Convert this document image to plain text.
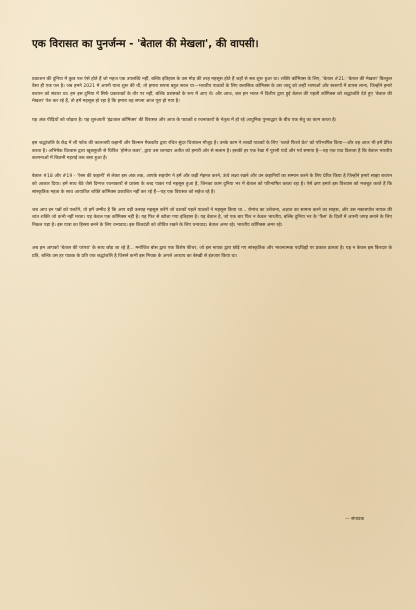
एक विरासत का पुनर्जन्म - 'बेताल की मेखला', की वापसी।

प्रकाशन की दुनिया में कुछ पल ऐसे होते हैं जो महज एक उपलब्धि नहीं, बल्कि इतिहास के उस मोड़ की तरह महसूस होते हैं जहाँ से सब शुरू हुआ था। शक्ति कॉमिक्स के लिए, 'बेताल #21: 'बेताल की मेखला' बिल्कुल वैसा ही एक पल है। जब हमने 2021 में अपनी यात्रा शुरू की थी, तो हमारा सपना बहुत सरल था—भारतीय पाठकों के लिए क्लासिक कॉमिक्स के उस जादू को उन्हीं भाषाओं और स्वरूपों में वापस लाना, जिन्होंने हमारे बचपन को संवारा था। हम इस दुनिया में सिर्फ प्रकाशकों के तौर पर नहीं, बल्कि प्रशंसकों के रूप में आए थे। और आज, जब हम भारत में दिलीप द्वारा हुई बेताल की पहली कॉमिक्स को श्रद्धांजलि देते हुए 'बेताल की मेखला' पेश कर रहे हैं, तो हमें महसूस हो रहा है कि हमारा वह सपना आज पूरा हो गया है।

यह अंक पीढ़ियों को जोड़ता है। यह शुरुआती 'इंद्रजाल कॉमिक्स' की विरासत और आज के पाठकों व रचनाकारों के नेतृत्व में हो रहे आधुनिक पुनरुद्धार के बीच एक सेतु का काम करता है।

इस श्रद्धांजलि के केंद्र में ली फॉक की कालजयी कहानी और विल्सन मैककॉय द्वारा रचित सुंदर चित्रांकन मौजूद है। उनके काम ने लाखों पाठकों के लिए 'चलते फिरते प्रेत' को परिभाषित किया—और वह आज भी हमें प्रेरित करता है। अभिषेक विश्वास द्वारा खूबसूरती से चित्रित 'होमेज कवर', द्वारा उस शानदार अतीत को हमारी ओर से सलाम है। इसकी हर एक रेखा में पुरानी यादें और गर्व समाया है—यह एक याद दिलाता है कि बेताल भारतीय कल्पनाओं में कितनी गहराई तक बसा हुआ है।

बेताल #18 और #19 - 'रेस्स की कहानी' से लेकर इस अंक तक, आपके सहयोग ने हमें और कड़ी मेहनत करने, ऊंचे लक्ष्य रखने और उन कहानियों का सम्मान करने के लिए प्रेरित किया है जिन्होंने हमारे साझा बचपन को आकार दिया। हमें साथ बैठे जैसे दिग्गज रचनाकारों से प्रशंसा के शब्द पाकर गर्व महसूस हुआ है, जिनका काम दुनिया भर में बेताल को परिभाषित करता रहा है। ऐसे क्षण हमारे इस विश्वास को मजबूत करते हैं कि सांस्कृतिक महत्व के साथ आयातित शक्ति कॉमिक्स प्रकाशित नहीं कर रहे हैं—यह एक विरासत को सहेज रहे हैं।

जब आप इन पन्नों को पलटेंगे, तो हमें उम्मीद है कि आप वही उत्साह महसूस करेंगे जो दशकों पहले पाठकों ने महसूस किया था... रोमांच का उत्तेजना, अज्ञात का सामना करने का साहस, और उस नकाबपोश नायक की शांत शक्ति जो कभी नहीं मरता। यह केवल एक कॉमिक्स नहीं है। यह फिर से खोजा गया इतिहास है। यह बेताल है, जो एक बार फिर न केवल भारतीय, बल्कि दुनिया भर के 'फैंस' के दिलों में अपनी जगह बनाने के लिए निकल पड़ा है। इस यात्रा का हिस्सा बनने के लिए धन्यवाद। इस किंवदंती को जीवित रखने के लिए धन्यवाद। बेताल अमर रहे। भारतीय कॉमिक्स अमर रहे।

अब हम आपको 'बेताल की परंपरा' के साथ छोड़ जा रहे हैं... मनोजित बोस द्वारा एक विशेष फीचर, जो इस नायक द्वारा छोड़े गए सांस्कृतिक और भावनात्मक पदचिह्नों पर प्रकाश डालता है। यह न केवल इस किरदार के प्रति, बल्कि उस हर पाठक के प्रति एक श्रद्धांजलि है जिसने कभी इस मिथक के अगले अध्याय का बेसब्री से इंतजार किया था।

— संपादक
